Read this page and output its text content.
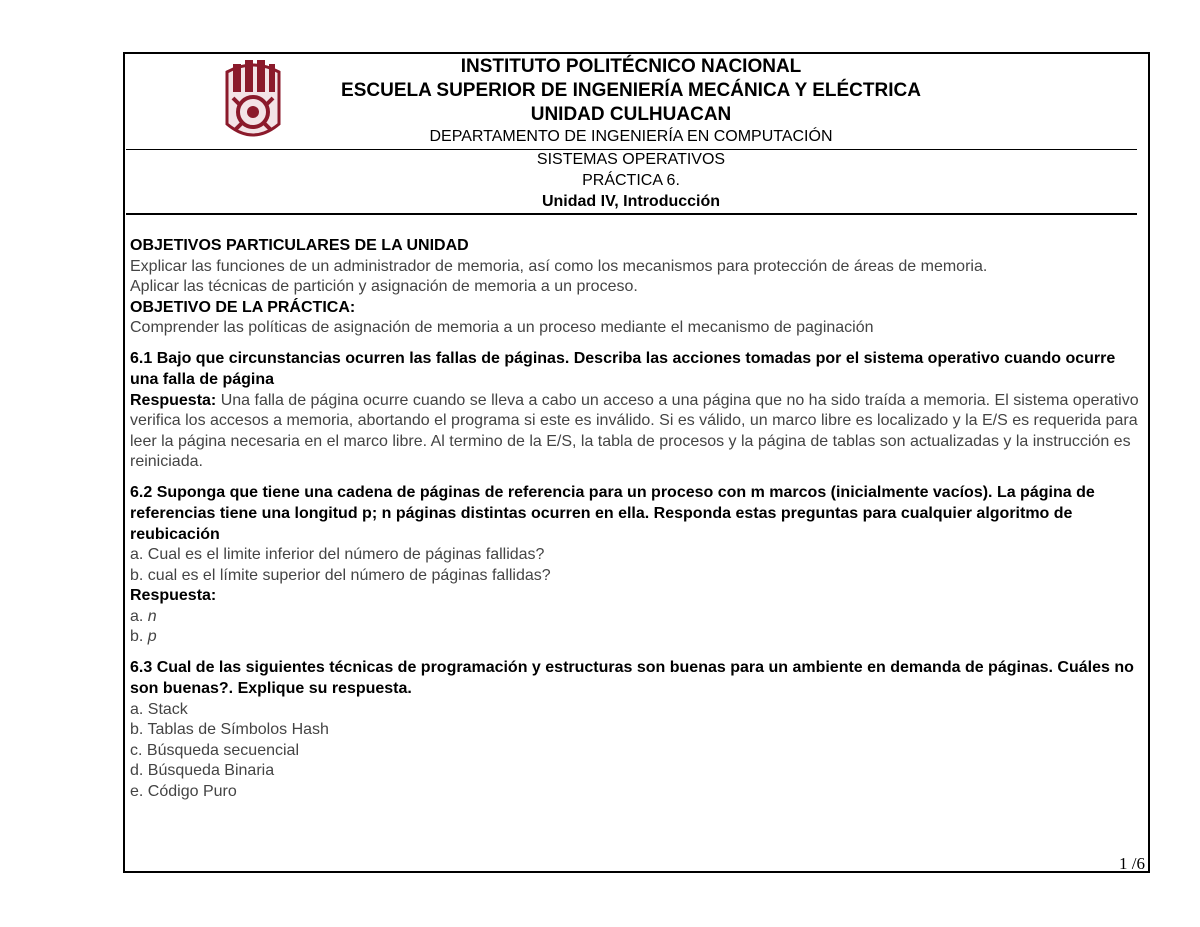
INSTITUTO POLITÉCNICO NACIONAL
ESCUELA SUPERIOR DE INGENIERÍA MECÁNICA Y ELÉCTRICA
UNIDAD CULHUACAN
DEPARTAMENTO DE INGENIERÍA EN COMPUTACIÓN
SISTEMAS OPERATIVOS
PRÁCTICA 6.
Unidad IV, Introducción

OBJETIVOS PARTICULARES DE LA UNIDAD

Explicar las funciones de un administrador de memoria, así como los mecanismos para protección de áreas de memoria.

Aplicar las técnicas de partición y asignación de memoria a un proceso.

OBJETIVO DE LA PRÁCTICA:

Comprender las políticas de asignación de memoria a un proceso mediante el mecanismo de paginación

6.1 Bajo que circunstancias ocurren las fallas de páginas. Describa las acciones tomadas por el sistema operativo cuando ocurre una falla de página

Respuesta: Una falla de página ocurre cuando se lleva a cabo un acceso a una página que no ha sido traída a memoria. El sistema operativo verifica los accesos a memoria, abortando el programa si este es inválido. Si es válido, un marco libre es localizado y la E/S es requerida para leer la página necesaria en el marco libre. Al termino de la E/S, la tabla de procesos y la página de tablas son actualizadas y la instrucción es reiniciada.

6.2 Suponga que tiene una cadena de páginas de referencia para un proceso con m marcos (inicialmente vacíos). La página de referencias tiene una longitud p; n páginas distintas ocurren en ella. Responda estas preguntas para cualquier algoritmo de reubicación

a. Cual es el limite inferior del número de páginas fallidas?

b. cual es el límite superior del número de páginas fallidas?

Respuesta:

a. n

b. p

6.3 Cual de las siguientes técnicas de programación y estructuras son buenas para un ambiente en demanda de páginas. Cuáles no son buenas?. Explique su respuesta.

a. Stack

b. Tablas de Símbolos Hash

c. Búsqueda secuencial

d. Búsqueda Binaria

e. Código Puro

1 /6
